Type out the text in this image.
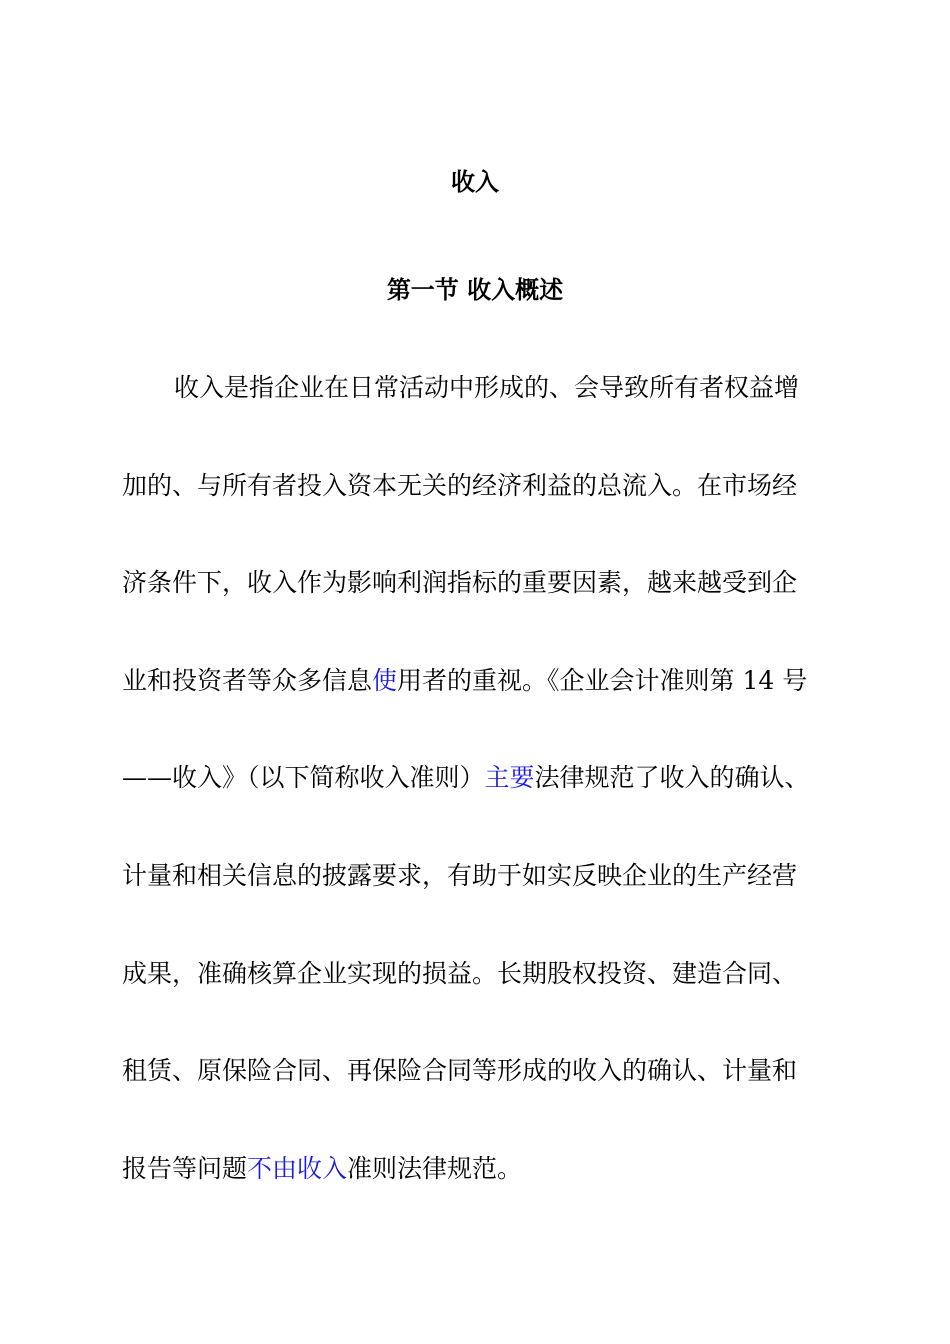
收入
第一节 收入概述
收入是指企业在日常活动中形成的、会导致所有者权益增
加的、与所有者投入资本无关的经济利益的总流入。在市场经
济条件下，收入作为影响利润指标的重要因素，越来越受到企
业和投资者等众多信息使用者的重视。《企业会计准则第 14 号
——收入》（以下简称收入准则）主要法律规范了收入的确认、
计量和相关信息的披露要求，有助于如实反映企业的生产经营
成果，准确核算企业实现的损益。长期股权投资、建造合同、
租赁、原保险合同、再保险合同等形成的收入的确认、计量和
报告等问题不由收入准则法律规范。
